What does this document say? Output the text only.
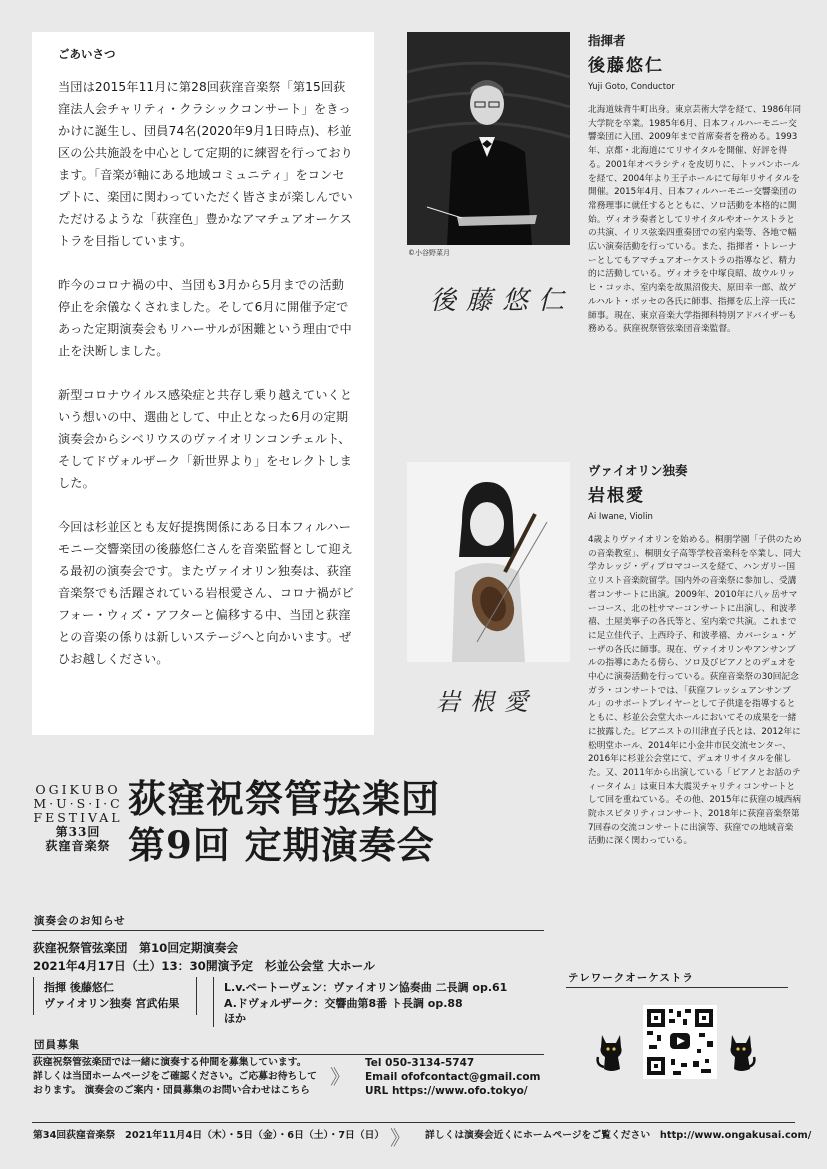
ごあいさつ

当団は2015年11月に第28回荻窪音楽祭「第15回荻窪法人会チャリティ・クラシックコンサート」をきっかけに誕生し、団員74名(2020年9月1日時点)、杉並区の公共施設を中心として定期的に練習を行っております。「音楽が軸にある地域コミュニティ」をコンセプトに、楽団に関わっていただく皆さまが楽しんでいただけるような「荻窪色」豊かなアマチュアオーケストラを目指しています。

昨今のコロナ禍の中、当団も3月から5月までの活動停止を余儀なくされました。そして6月に開催予定であった定期演奏会もリハーサルが困難という理由で中止を決断しました。

新型コロナウイルス感染症と共存し乗り越えていくという想いの中、選曲として、中止となった6月の定期演奏会からシベリウスのヴァイオリンコンチェルト、そしてドヴォルザーク「新世界より」をセレクトしました。

今回は杉並区とも友好提携関係にある日本フィルハーモニー交響楽団の後藤悠仁さんを音楽監督として迎える最初の演奏会です。またヴァイオリン独奏は、荻窪音楽祭でも活躍されている岩根愛さん、コロナ禍がビフォー・ウィズ・アフターと偏移する中、当団と荻窪との音楽の係りは新しいステージへと向かいます。ぜひお越しください。

©小谷野菜月
後藤悠仁
指揮者
後藤悠仁
Yuji Goto, Conductor

北海道妹背牛町出身。東京芸術大学を経て、1986年同大学院を卒業。1985年6月、日本フィルハーモニー交響楽団に入団、2009年まで首席奏者を務める。1993年、京都・北海道にてリサイタルを開催、好評を得る。2001年オペラシティを皮切りに、トッパンホールを経て、2004年より王子ホールにて毎年リサイタルを開催。2015年4月、日本フィルハーモニー交響楽団の常務理事に就任するとともに、ソロ活動を本格的に開始。ヴィオラ奏者としてリサイタルやオーケストラとの共演、イリス弦楽四重奏団での室内楽等、各地で幅広い演奏活動を行っている。また、指揮者・トレーナーとしてもアマチュアオーケストラの指導など、精力的に活動している。ヴィオラを中塚良昭、故ウルリッヒ・コッホ、室内楽を故黒沼俊夫、原田幸一郎、故ゲルハルト・ボッセの各氏に師事、指揮を広上淳一氏に師事。現在、東京音楽大学指揮科特別アドバイザーも務める。荻窪祝祭管弦楽団音楽監督。

岩根愛
ヴァイオリン独奏
岩根愛
Ai Iwane, Violin

4歳よりヴァイオリンを始める。桐朋学園「子供のための音楽教室」、桐朋女子高等学校音楽科を卒業し、同大学カレッジ・ディプロマコースを経て、ハンガリー国立リスト音楽院留学。国内外の音楽祭に参加し、受講者コンサートに出演。2009年、2010年に八ヶ岳サマーコース、北の杜サマーコンサートに出演し、和波孝禧、土屋美寧子の各氏等と、室内楽で共演。これまでに足立佳代子、上西玲子、和波孝禧、カバーシュ・ゲーザの各氏に師事。現在、ヴァイオリンやアンサンブルの指導にあたる傍ら、ソロ及びピアノとのデュオを中心に演奏活動を行っている。荻窪音楽祭の30回記念ガラ・コンサートでは、「荻窪フレッシュアンサンブル」のサポートプレイヤーとして子供達を指導するとともに、杉並公会堂大ホールにおいてその成果を一緒に披露した。ピアニストの川津直子氏とは、2012年に松明堂ホール、2014年に小金井市民交流センター、2016年に杉並公会堂にて、デュオリサイタルを催した。又、2011年から出演している「ピアノとお話のティータイム」は東日本大震災チャリティコンサートとして回を重ねている。その他、2015年に荻窪の城西病院ホスピタリティコンサート、2018年に荻窪音楽祭第7回春の交流コンサートに出演等、荻窪での地域音楽活動に深く関わっている。

OGIKUBO
M·U·S·I·C
FESTIVAL
第33回
荻窪音楽祭
荻窪祝祭管弦楽団
第9回 定期演奏会
演奏会のお知らせ
荻窪祝祭管弦楽団　第10回定期演奏会
2021年4月17日（土）13：30開演予定　杉並公会堂 大ホール
指揮 後藤悠仁
ヴァイオリン独奏 宮武佑果
L.v.ベートーヴェン：ヴァイオリン協奏曲 二長調 op.61
A.ドヴォルザーク：交響曲第8番 ト長調 op.88
ほか
テレワークオーケストラ
団員募集
荻窪祝祭管弦楽団では一緒に演奏する仲間を募集しています。
詳しくは当団ホームページをご確認ください。ご応募お待ちして
おります。 演奏会のご案内・団員募集のお問い合わせはこちら
》
Tel 050-3134-5747
Email ofofcontact@gmail.com
URL https://www.ofo.tokyo/
第34回荻窪音楽祭　2021年11月4日（木）・5日（金）・6日（土）・7日（日） 》 詳しくは演奏会近くにホームページをご覧ください　http://www.ongakusai.com/
